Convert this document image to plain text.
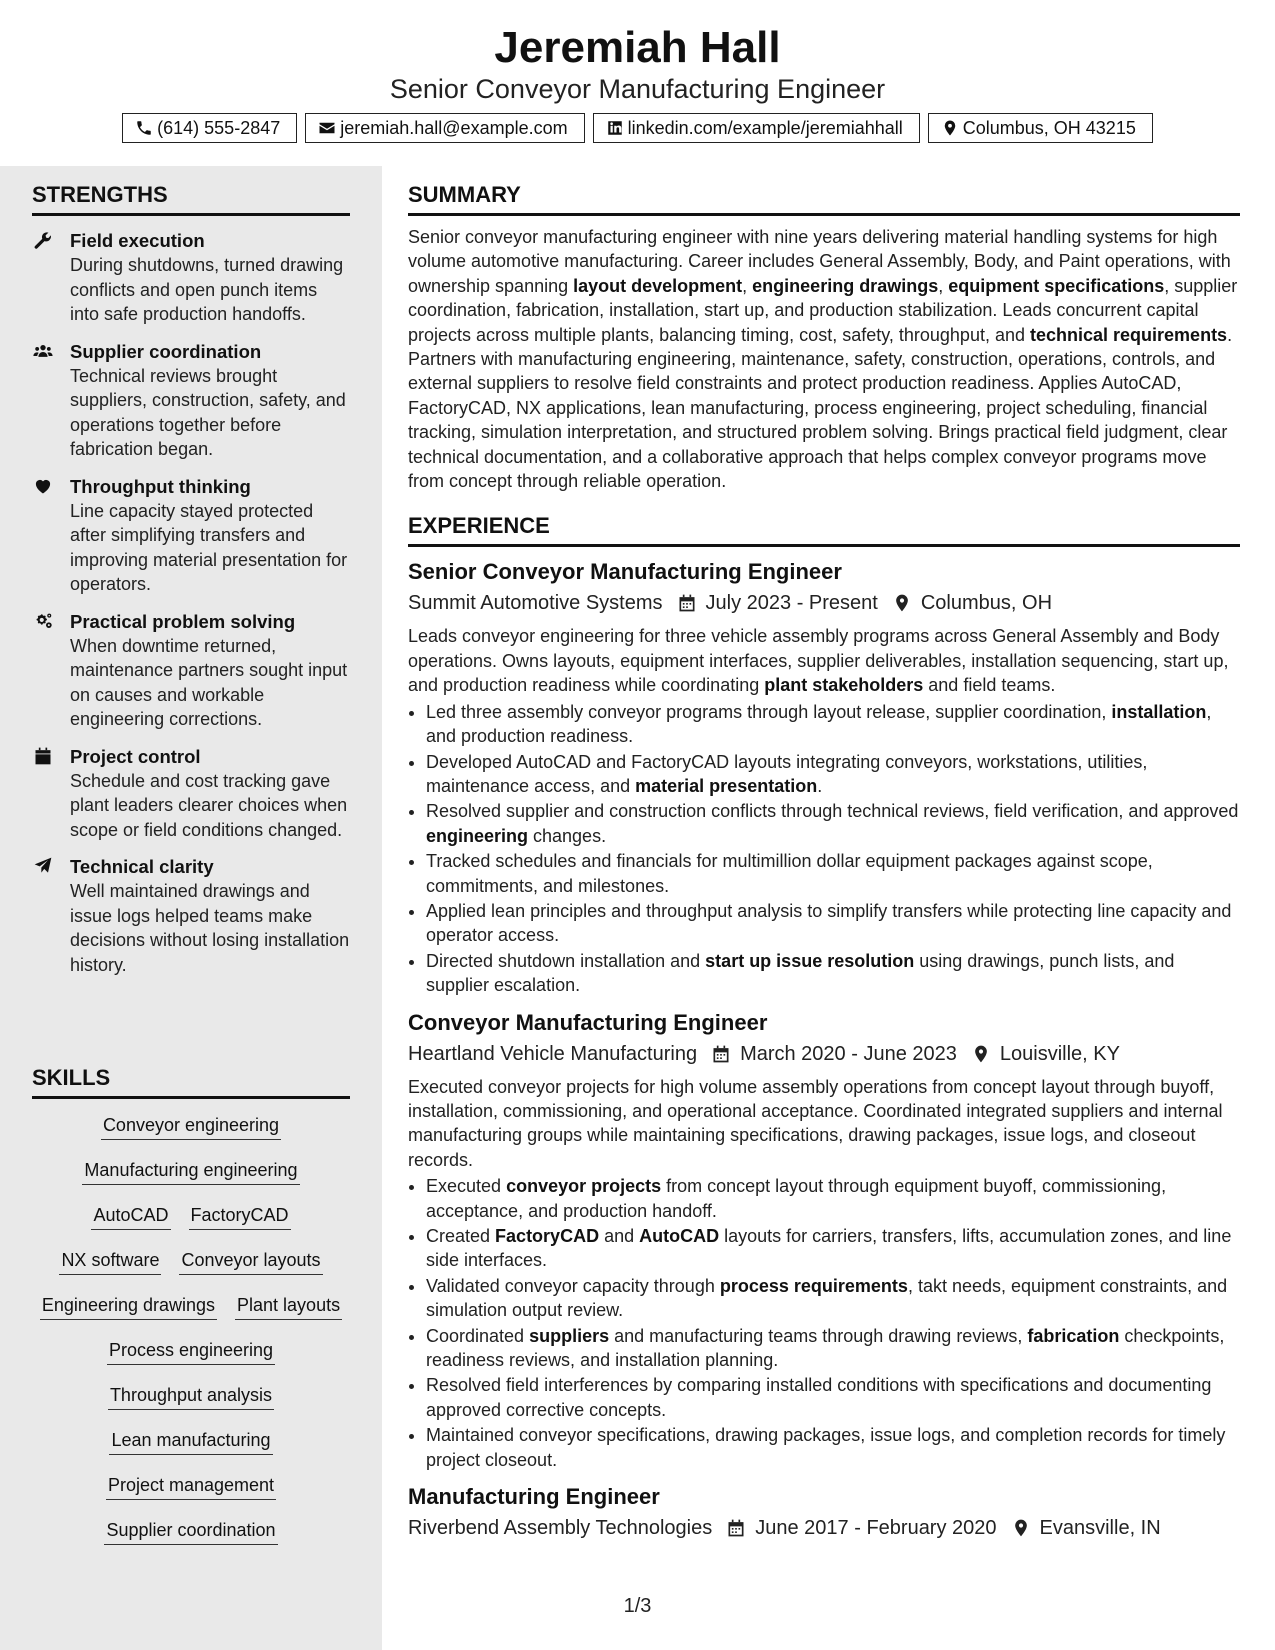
Jeremiah Hall
Senior Conveyor Manufacturing Engineer
(614) 555-2847	jeremiah.hall@example.com	linkedin.com/example/jeremiahhall	Columbus, OH 43215
STRENGTHS
Field execution
During shutdowns, turned drawing conflicts and open punch items into safe production handoffs.
Supplier coordination
Technical reviews brought suppliers, construction, safety, and operations together before fabrication began.
Throughput thinking
Line capacity stayed protected after simplifying transfers and improving material presentation for operators.
Practical problem solving
When downtime returned, maintenance partners sought input on causes and workable engineering corrections.
Project control
Schedule and cost tracking gave plant leaders clearer choices when scope or field conditions changed.
Technical clarity
Well maintained drawings and issue logs helped teams make decisions without losing installation history.
SKILLS
Conveyor engineering
Manufacturing engineering
AutoCAD FactoryCAD
NX software Conveyor layouts
Engineering drawings Plant layouts
Process engineering
Throughput analysis
Lean manufacturing
Project management
Supplier coordination
SUMMARY
Senior conveyor manufacturing engineer with nine years delivering material handling systems for high volume automotive manufacturing. Career includes General Assembly, Body, and Paint operations, with ownership spanning layout development, engineering drawings, equipment specifications, supplier coordination, fabrication, installation, start up, and production stabilization. Leads concurrent capital projects across multiple plants, balancing timing, cost, safety, throughput, and technical requirements. Partners with manufacturing engineering, maintenance, safety, construction, operations, controls, and external suppliers to resolve field constraints and protect production readiness. Applies AutoCAD, FactoryCAD, NX applications, lean manufacturing, process engineering, project scheduling, financial tracking, simulation interpretation, and structured problem solving. Brings practical field judgment, clear technical documentation, and a collaborative approach that helps complex conveyor programs move from concept through reliable operation.
EXPERIENCE
Senior Conveyor Manufacturing Engineer
Summit Automotive Systems July 2023 - Present Columbus, OH
Leads conveyor engineering for three vehicle assembly programs across General Assembly and Body operations. Owns layouts, equipment interfaces, supplier deliverables, installation sequencing, start up, and production readiness while coordinating plant stakeholders and field teams.
• Led three assembly conveyor programs through layout release, supplier coordination, installation, and production readiness.
• Developed AutoCAD and FactoryCAD layouts integrating conveyors, workstations, utilities, maintenance access, and material presentation.
• Resolved supplier and construction conflicts through technical reviews, field verification, and approved engineering changes.
• Tracked schedules and financials for multimillion dollar equipment packages against scope, commitments, and milestones.
• Applied lean principles and throughput analysis to simplify transfers while protecting line capacity and operator access.
• Directed shutdown installation and start up issue resolution using drawings, punch lists, and supplier escalation.
Conveyor Manufacturing Engineer
Heartland Vehicle Manufacturing March 2020 - June 2023 Louisville, KY
Executed conveyor projects for high volume assembly operations from concept layout through buyoff, installation, commissioning, and operational acceptance. Coordinated integrated suppliers and internal manufacturing groups while maintaining specifications, drawing packages, issue logs, and closeout records.
• Executed conveyor projects from concept layout through equipment buyoff, commissioning, acceptance, and production handoff.
• Created FactoryCAD and AutoCAD layouts for carriers, transfers, lifts, accumulation zones, and line side interfaces.
• Validated conveyor capacity through process requirements, takt needs, equipment constraints, and simulation output review.
• Coordinated suppliers and manufacturing teams through drawing reviews, fabrication checkpoints, readiness reviews, and installation planning.
• Resolved field interferences by comparing installed conditions with specifications and documenting approved corrective concepts.
• Maintained conveyor specifications, drawing packages, issue logs, and completion records for timely project closeout.
Manufacturing Engineer
Riverbend Assembly Technologies June 2017 - February 2020 Evansville, IN
1/3
